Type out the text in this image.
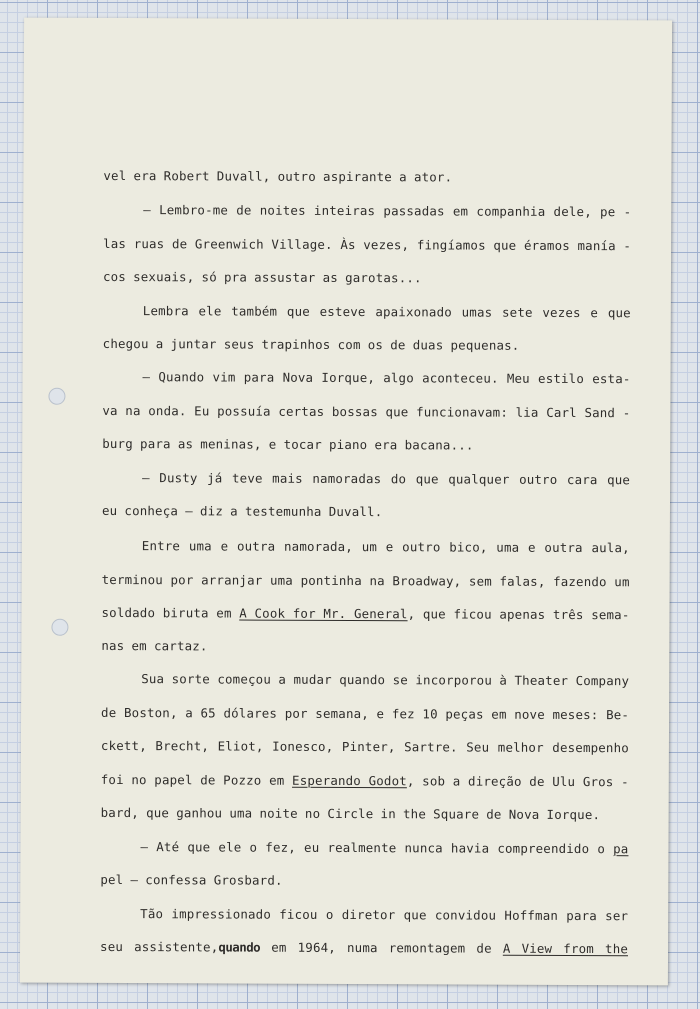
vel era Robert Duvall, outro aspirante a ator.
— Lembro-me de noites inteiras passadas em companhia dele, pe -
las ruas de Greenwich Village. Às vezes, fingíamos que éramos manía -
cos sexuais, só pra assustar as garotas...
Lembra ele também que esteve apaixonado umas sete vezes e que
chegou a juntar seus trapinhos com os de duas pequenas.
— Quando vim para Nova Iorque, algo aconteceu. Meu estilo esta-
va na onda. Eu possuía certas bossas que funcionavam: lia Carl Sand -
burg para as meninas, e tocar piano era bacana...
— Dusty já teve mais namoradas do que qualquer outro cara que
eu conheça — diz a testemunha Duvall.
Entre uma e outra namorada, um e outro bico, uma e outra aula,
terminou por arranjar uma pontinha na Broadway, sem falas, fazendo um
soldado biruta em A Cook for Mr. General, que ficou apenas três sema-
nas em cartaz.
Sua sorte começou a mudar quando se incorporou à Theater Company
de Boston, a 65 dólares por semana, e fez 10 peças em nove meses: Be-
ckett, Brecht, Eliot, Ionesco, Pinter, Sartre. Seu melhor desempenho
foi no papel de Pozzo em Esperando Godot, sob a direção de Ulu Gros -
bard, que ganhou uma noite no Circle in the Square de Nova Iorque.
— Até que ele o fez, eu realmente nunca havia compreendido o pa
pel — confessa Grosbard.
Tão impressionado ficou o diretor que convidou Hoffman para ser
seu assistente,quando em 1964, numa remontagem de A View from the
